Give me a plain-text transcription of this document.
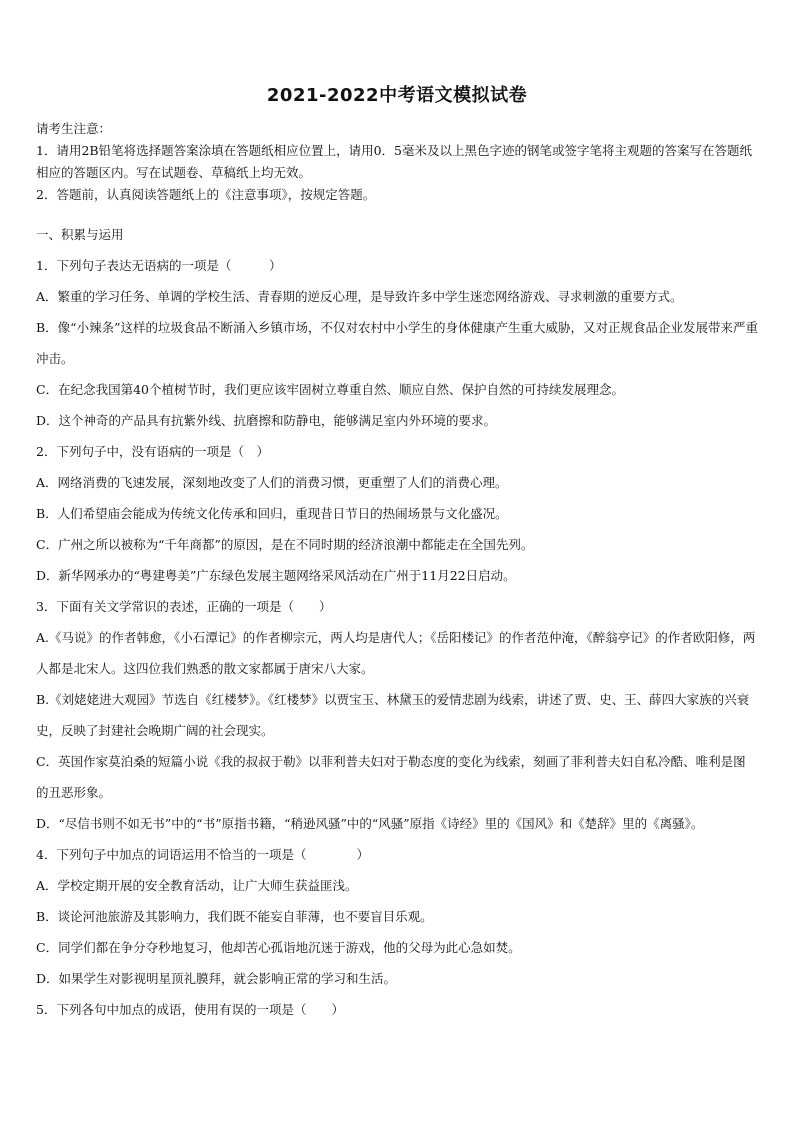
2021-2022中考语文模拟试卷

请考生注意：

1．请用2B铅笔将选择题答案涂填在答题纸相应位置上，请用0．5毫米及以上黑色字迹的钢笔或签字笔将主观题的答案写在答题纸相应的答题区内。写在试题卷、草稿纸上均无效。

2．答题前，认真阅读答题纸上的《注意事项》，按规定答题。

一、积累与运用

1．下列句子表达无语病的一项是（　　　）

A．繁重的学习任务、单调的学校生活、青春期的逆反心理，是导致许多中学生迷恋网络游戏、寻求刺激的重要方式。

B．像“小辣条”这样的垃圾食品不断涌入乡镇市场，不仅对农村中小学生的身体健康产生重大威胁，又对正规食品企业发展带来严重冲击。

C．在纪念我国第40个植树节时，我们更应该牢固树立尊重自然、顺应自然、保护自然的可持续发展理念。

D．这个神奇的产品具有抗紫外线、抗磨擦和防静电，能够满足室内外环境的要求。

2．下列句子中，没有语病的一项是（　）

A．网络消费的飞速发展，深刻地改变了人们的消费习惯，更重塑了人们的消费心理。

B．人们希望庙会能成为传统文化传承和回归，重现昔日节日的热闹场景与文化盛况。

C．广州之所以被称为“千年商都”的原因，是在不同时期的经济浪潮中都能走在全国先列。

D．新华网承办的“粤建粤美”广东绿色发展主题网络采风活动在广州于11月22日启动。

3．下面有关文学常识的表述，正确的一项是（　　）

A.《马说》的作者韩愈，《小石潭记》的作者柳宗元，两人均是唐代人；《岳阳楼记》的作者范仲淹，《醉翁亭记》的作者欧阳修，两人都是北宋人。这四位我们熟悉的散文家都属于唐宋八大家。

B.《刘姥姥进大观园》节选自《红楼梦》。《红楼梦》以贾宝玉、林黛玉的爱情悲剧为线索，讲述了贾、史、王、薛四大家族的兴衰史，反映了封建社会晚期广阔的社会现实。

C．英国作家莫泊桑的短篇小说《我的叔叔于勒》以菲利普夫妇对于勒态度的变化为线索，刻画了菲利普夫妇自私冷酷、唯利是图的丑恶形象。

D．“尽信书则不如无书”中的“书”原指书籍，“稍逊风骚”中的“风骚”原指《诗经》里的《国风》和《楚辞》里的《离骚》。

4．下列句子中加点的词语运用不恰当的一项是（　　　　）

A．学校定期开展的安全教育活动，让广大师生获益匪浅。

B．谈论河池旅游及其影响力，我们既不能妄自菲薄，也不要盲目乐观。

C．同学们都在争分夺秒地复习，他却苦心孤诣地沉迷于游戏，他的父母为此心急如焚。

D．如果学生对影视明星顶礼膜拜，就会影响正常的学习和生活。

5．下列各句中加点的成语，使用有误的一项是（　　）
